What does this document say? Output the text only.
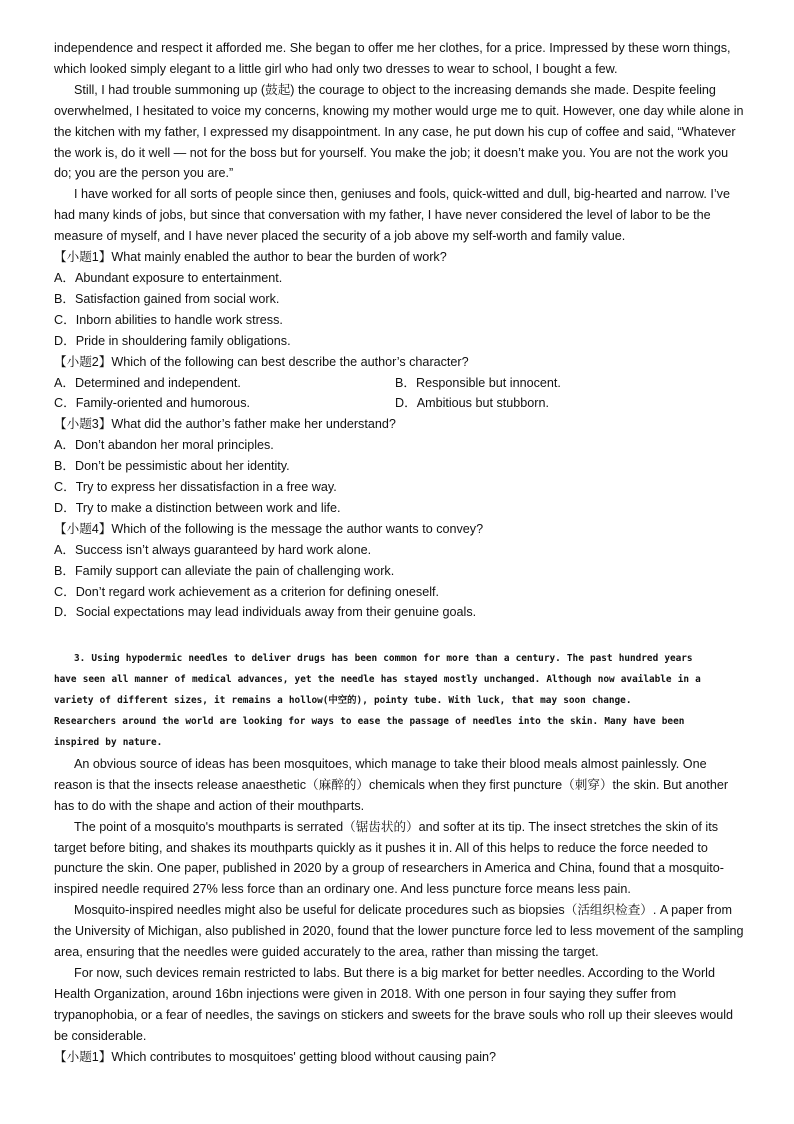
independence and respect it afforded me. She began to offer me her clothes, for a price. Impressed by these worn things, which looked simply elegant to a little girl who had only two dresses to wear to school, I bought a few.

Still, I had trouble summoning up (鼓起) the courage to object to the increasing demands she made. Despite feeling overwhelmed, I hesitated to voice my concerns, knowing my mother would urge me to quit. However, one day while alone in the kitchen with my father, I expressed my disappointment. In any case, he put down his cup of coffee and said, “Whatever the work is, do it well — not for the boss but for yourself. You make the job; it doesn’t make you. You are not the work you do; you are the person you are.”

I have worked for all sorts of people since then, geniuses and fools, quick-witted and dull, big-hearted and narrow. I’ve had many kinds of jobs, but since that conversation with my father, I have never considered the level of labor to be the measure of myself, and I have never placed the security of a job above my self-worth and family value.

【小题1】What mainly enabled the author to bear the burden of work?

A．Abundant exposure to entertainment.

B．Satisfaction gained from social work.

C．Inborn abilities to handle work stress.

D．Pride in shouldering family obligations.

【小题2】Which of the following can best describe the author’s character?

A．Determined and independent.	B．Responsible but innocent.
C．Family-oriented and humorous.	D．Ambitious but stubborn.

【小题3】What did the author’s father make her understand?

A．Don’t abandon her moral principles.

B．Don’t be pessimistic about her identity.

C．Try to express her dissatisfaction in a free way.

D．Try to make a distinction between work and life.

【小题4】Which of the following is the message the author wants to convey?

A．Success isn’t always guaranteed by hard work alone.

B．Family support can alleviate the pain of challenging work.

C．Don’t regard work achievement as a criterion for defining oneself.

D．Social expectations may lead individuals away from their genuine goals.

3. Using hypodermic needles to deliver drugs has been common for more than a century. The past hundred years

have seen all manner of medical advances, yet the needle has stayed mostly unchanged. Although now available in a

variety of different sizes, it remains a hollow(中空的), pointy tube. With luck, that may soon change.

Researchers around the world are looking for ways to ease the passage of needles into the skin. Many have been

inspired by nature.

An obvious source of ideas has been mosquitoes, which manage to take their blood meals almost painlessly. One reason is that the insects release anaesthetic（麻醉的）chemicals when they first puncture（刺穿）the skin. But another has to do with the shape and action of their mouthparts.

The point of a mosquito's mouthparts is serrated（锯齿状的）and softer at its tip. The insect stretches the skin of its target before biting, and shakes its mouthparts quickly as it pushes it in. All of this helps to reduce the force needed to puncture the skin. One paper, published in 2020 by a group of researchers in America and China, found that a mosquito-inspired needle required 27% less force than an ordinary one. And less puncture force means less pain.

Mosquito-inspired needles might also be useful for delicate procedures such as biopsies（活组织检查）. A paper from the University of Michigan, also published in 2020, found that the lower puncture force led to less movement of the sampling area, ensuring that the needles were guided accurately to the area, rather than missing the target.

For now, such devices remain restricted to labs. But there is a big market for better needles. According to the World Health Organization, around 16bn injections were given in 2018. With one person in four saying they suffer from trypanophobia, or a fear of needles, the savings on stickers and sweets for the brave souls who roll up their sleeves would be considerable.

【小题1】Which contributes to mosquitoes' getting blood without causing pain?
